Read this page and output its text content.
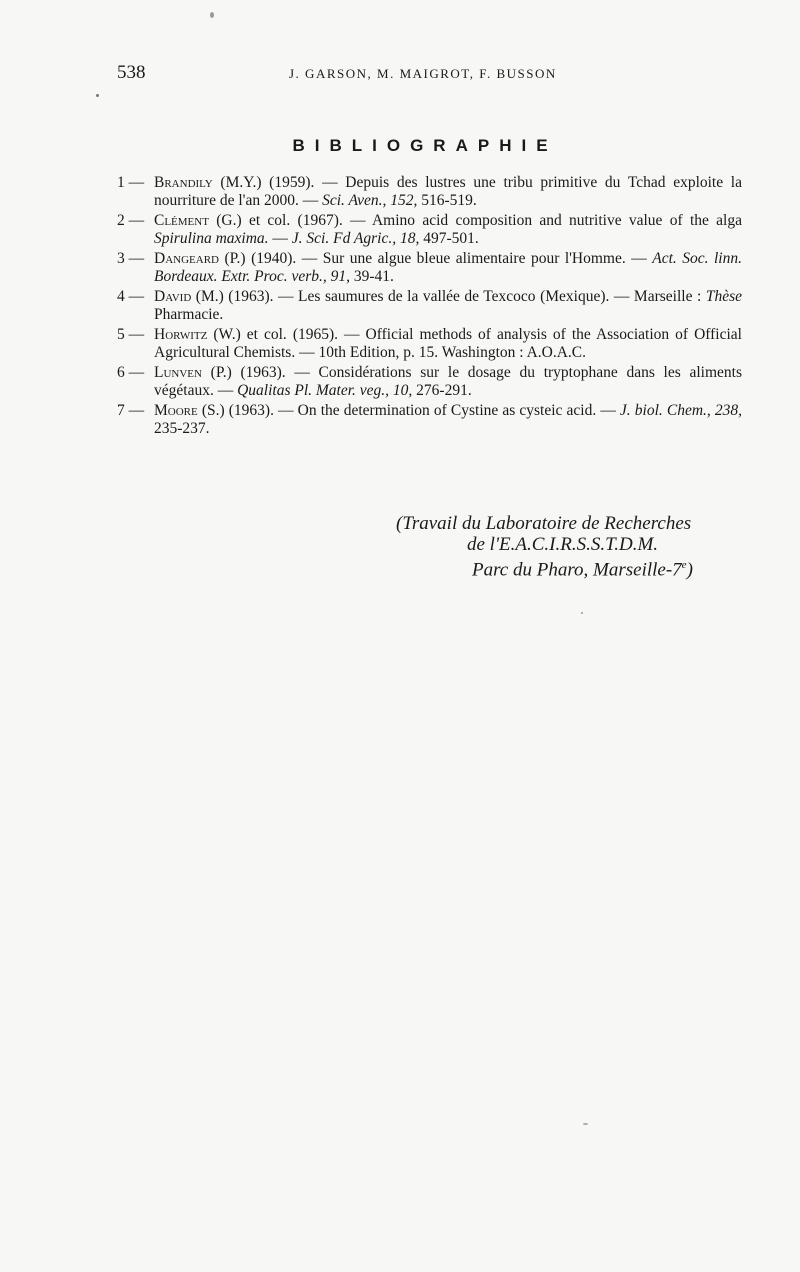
538	J. GARSON, M. MAIGROT, F. BUSSON
BIBLIOGRAPHIE
1 — Brandily (M.Y.) (1959). — Depuis des lustres une tribu primitive du Tchad exploite la nourriture de l'an 2000. — Sci. Aven., 152, 516-519.
2 — Clément (G.) et col. (1967). — Amino acid composition and nutritive value of the alga Spirulina maxima. — J. Sci. Fd Agric., 18, 497-501.
3 — Dangeard (P.) (1940). — Sur une algue bleue alimentaire pour l'Homme. — Act. Soc. linn. Bordeaux. Extr. Proc. verb., 91, 39-41.
4 — David (M.) (1963). — Les saumures de la vallée de Texcoco (Mexique). — Marseille : Thèse Pharmacie.
5 — Horwitz (W.) et col. (1965). — Official methods of analysis of the Association of Official Agricultural Chemists. — 10th Edition, p. 15. Washington : A.O.A.C.
6 — Lunven (P.) (1963). — Considérations sur le dosage du tryptophane dans les aliments végétaux. — Qualitas Pl. Mater. veg., 10, 276-291.
7 — Moore (S.) (1963). — On the determination of Cystine as cysteic acid. — J. biol. Chem., 238, 235-237.
(Travail du Laboratoire de Recherches
de l'E.A.C.I.R.S.S.T.D.M.
Parc du Pharo, Marseille-7e)
